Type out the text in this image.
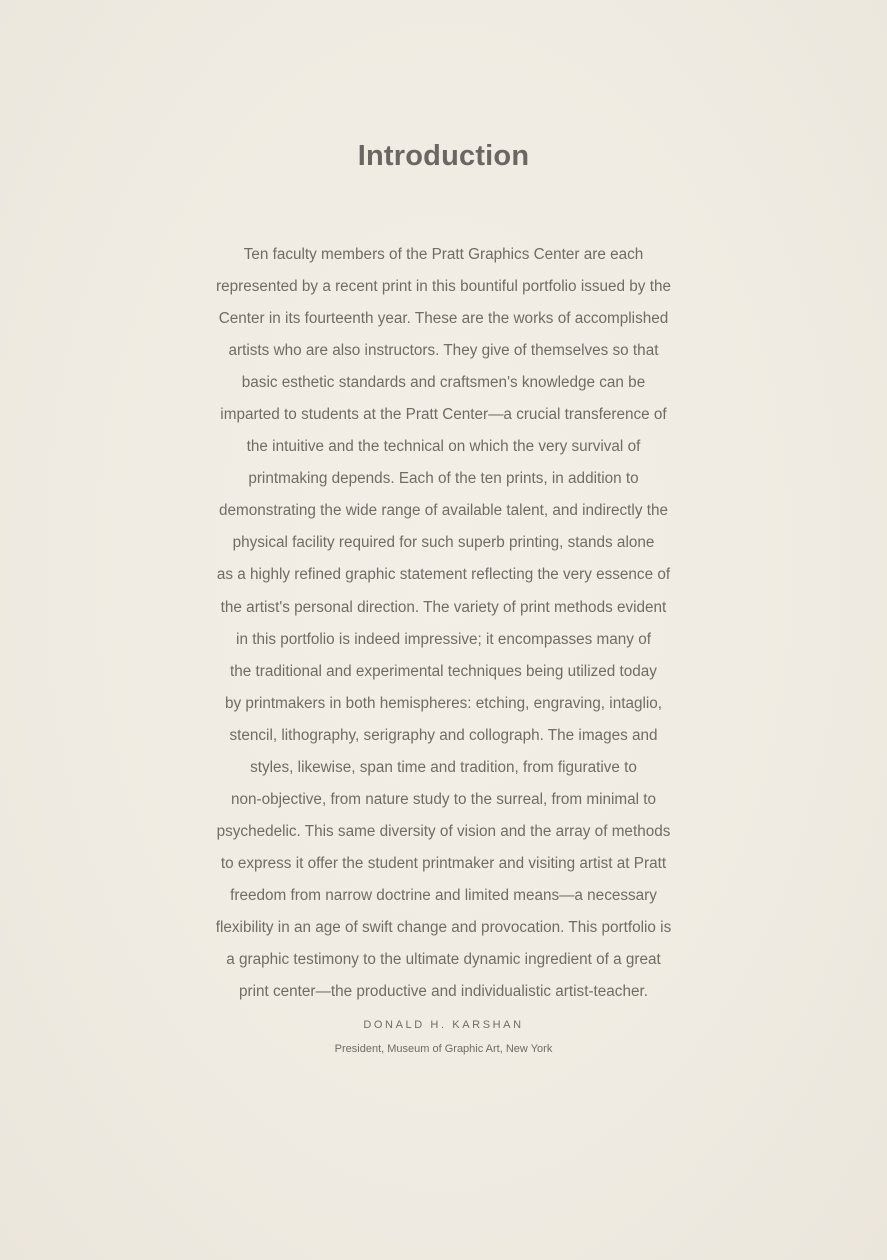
Introduction
Ten faculty members of the Pratt Graphics Center are each
represented by a recent print in this bountiful portfolio issued by the
Center in its fourteenth year. These are the works of accomplished
artists who are also instructors. They give of themselves so that
basic esthetic standards and craftsmen's knowledge can be
imparted to students at the Pratt Center—a crucial transference of
the intuitive and the technical on which the very survival of
printmaking depends. Each of the ten prints, in addition to
demonstrating the wide range of available talent, and indirectly the
physical facility required for such superb printing, stands alone
as a highly refined graphic statement reflecting the very essence of
the artist's personal direction. The variety of print methods evident
in this portfolio is indeed impressive; it encompasses many of
the traditional and experimental techniques being utilized today
by printmakers in both hemispheres: etching, engraving, intaglio,
stencil, lithography, serigraphy and collograph. The images and
styles, likewise, span time and tradition, from figurative to
non-objective, from nature study to the surreal, from minimal to
psychedelic. This same diversity of vision and the array of methods
to express it offer the student printmaker and visiting artist at Pratt
freedom from narrow doctrine and limited means—a necessary
flexibility in an age of swift change and provocation. This portfolio is
a graphic testimony to the ultimate dynamic ingredient of a great
print center—the productive and individualistic artist-teacher.
DONALD H. KARSHAN
President, Museum of Graphic Art, New York
